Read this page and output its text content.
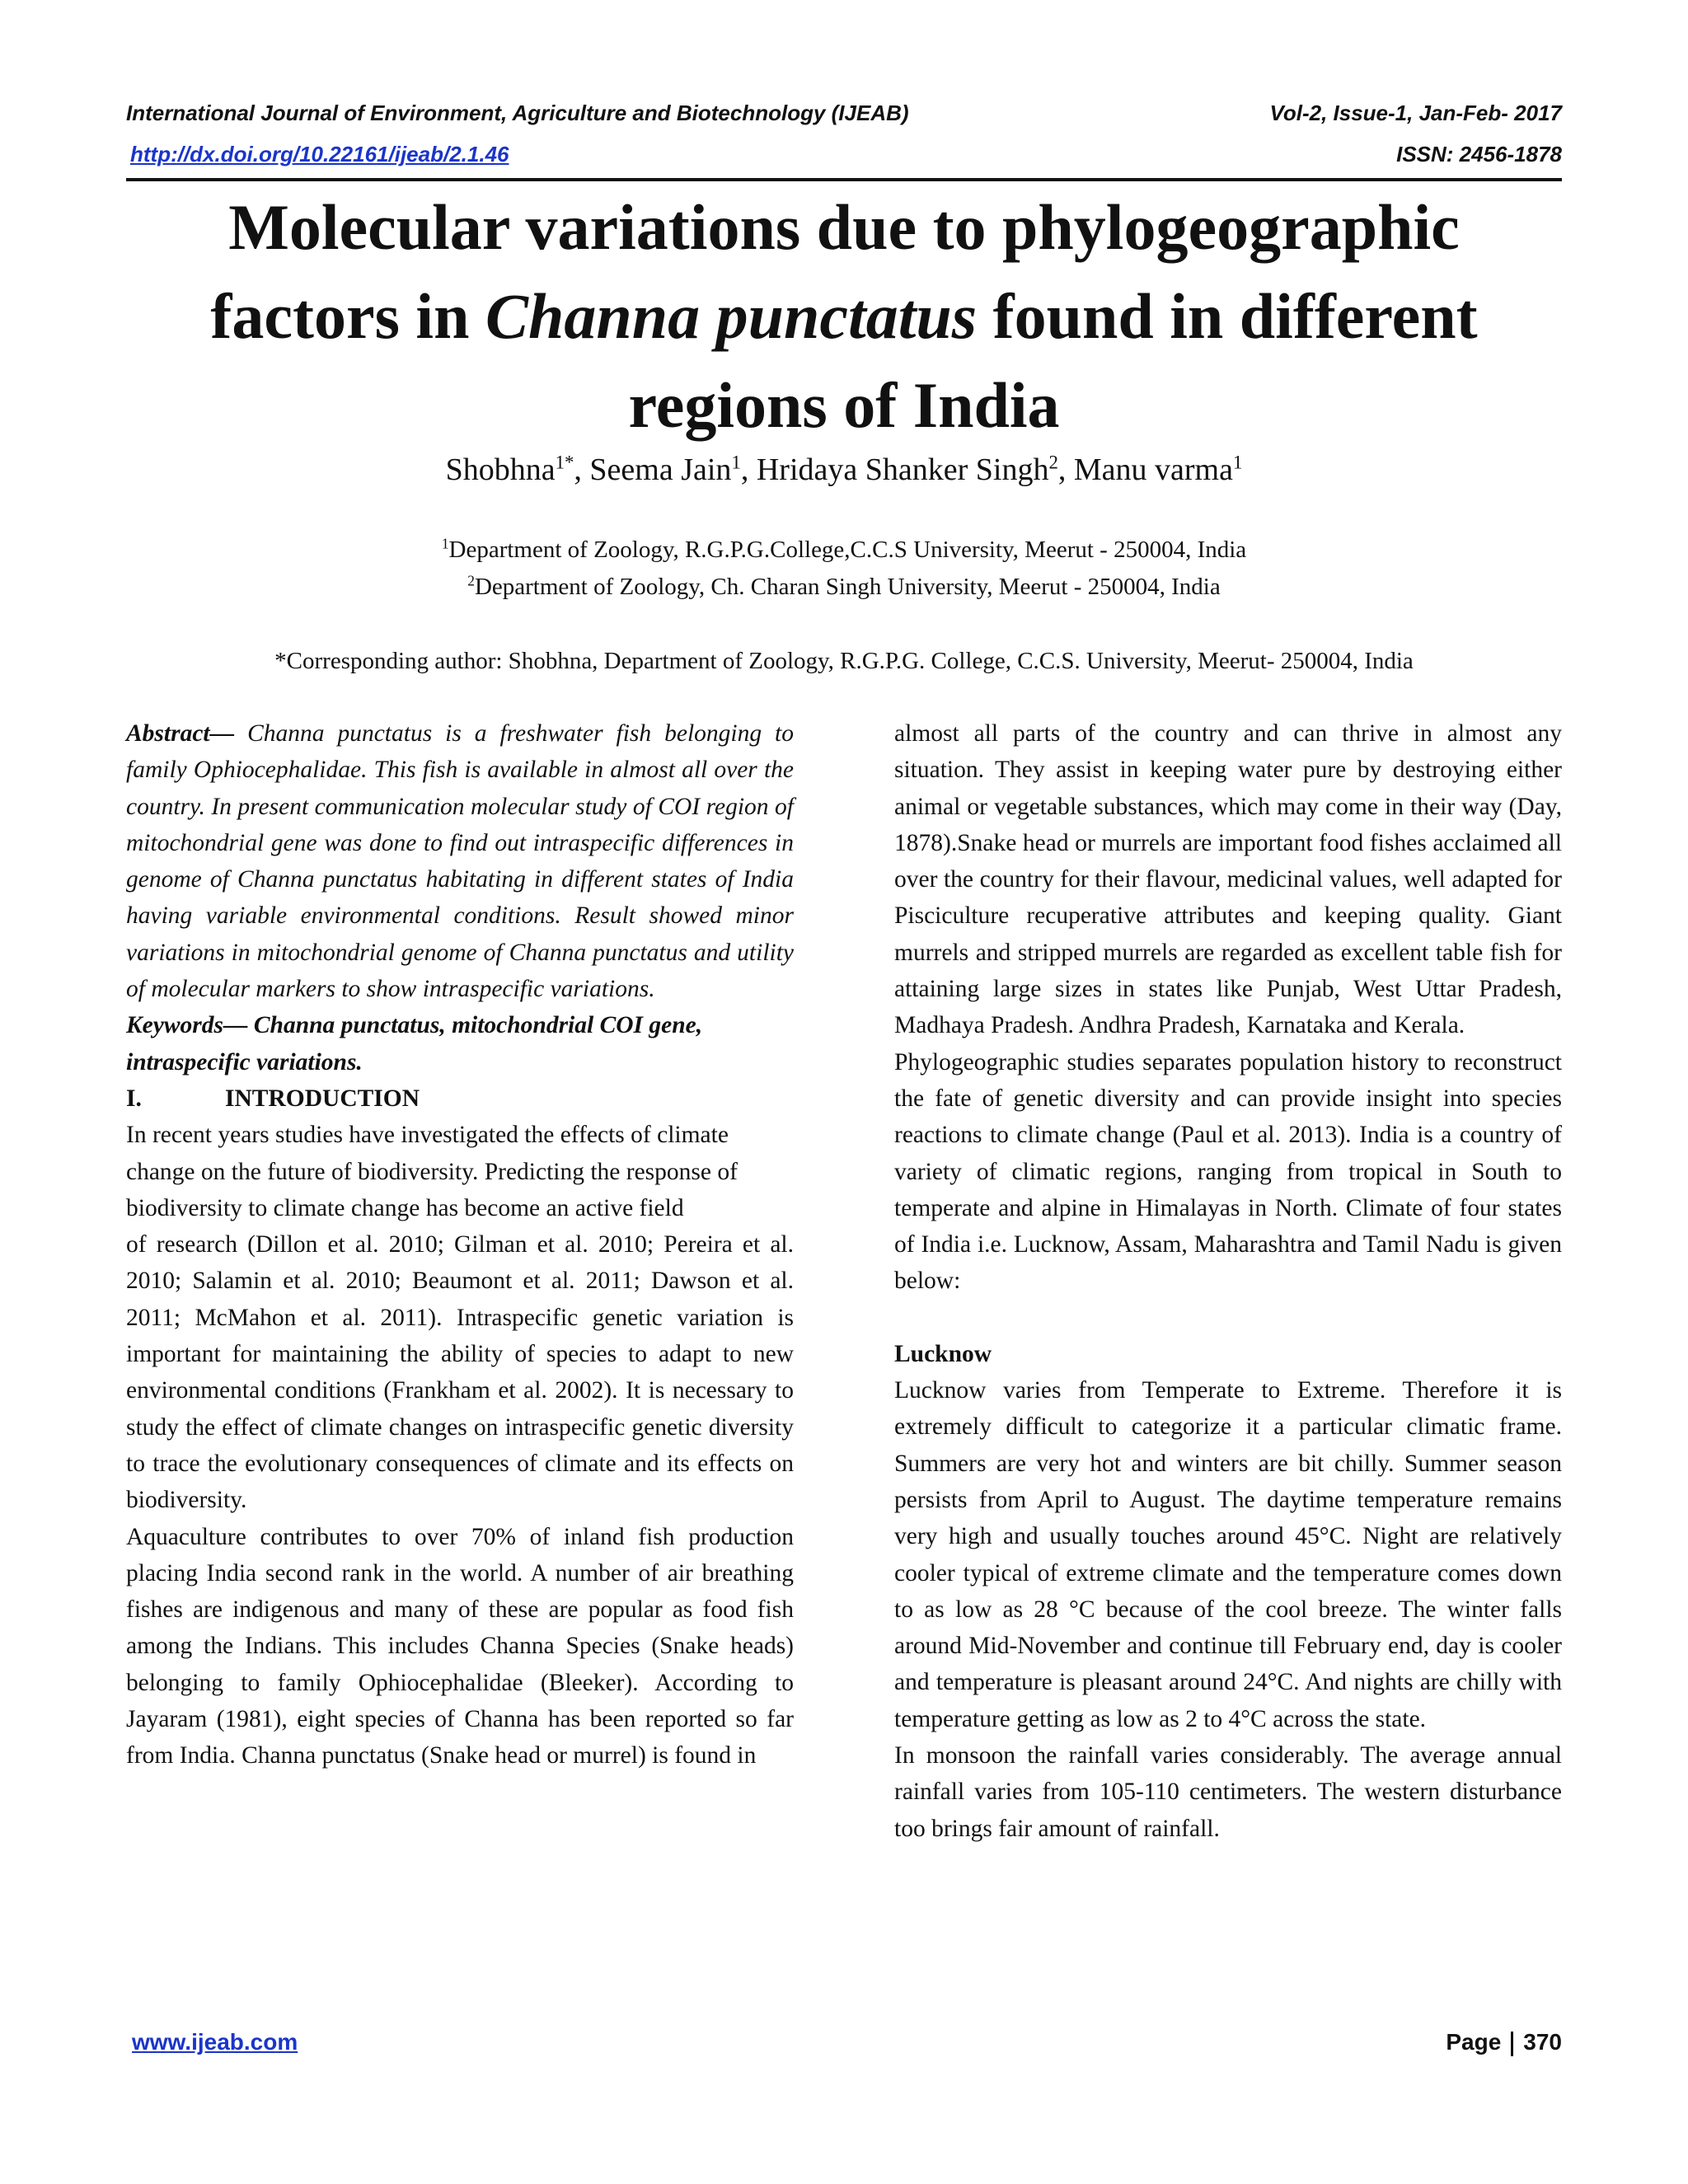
International Journal of Environment, Agriculture and Biotechnology (IJEAB)	Vol-2, Issue-1, Jan-Feb- 2017
http://dx.doi.org/10.22161/ijeab/2.1.46	ISSN: 2456-1878
Molecular variations due to phylogeographic
factors in Channa punctatus found in different
regions of India
Shobhna$^{1*}$, Seema Jain$^1$, Hridaya Shanker Singh$^2$, Manu varma$^1$
$^1$Department of Zoology, R.G.P.G.College,C.C.S University, Meerut - 250004, India
$^2$Department of Zoology, Ch. Charan Singh University, Meerut - 250004, India
*Corresponding author: Shobhna, Department of Zoology, R.G.P.G. College, C.C.S. University, Meerut- 250004, India

Abstract— Channa punctatus is a freshwater fish belonging to family Ophiocephalidae. This fish is available in almost all over the country. In present communication molecular study of COI region of mitochondrial gene was done to find out intraspecific differences in genome of Channa punctatus habitating in different states of India having variable environmental conditions. Result showed minor variations in mitochondrial genome of Channa punctatus and utility of molecular markers to show intraspecific variations.

Keywords— Channa punctatus, mitochondrial COI gene, intraspecific variations.

I.	INTRODUCTION

In recent years studies have investigated the effects of climate change on the future of biodiversity. Predicting the response of biodiversity to climate change has become an active field

of research (Dillon et al. 2010; Gilman et al. 2010; Pereira et al. 2010; Salamin et al. 2010; Beaumont et al. 2011; Dawson et al. 2011; McMahon et al. 2011). Intraspecific genetic variation is important for maintaining the ability of species to adapt to new environmental conditions (Frankham et al. 2002). It is necessary to study the effect of climate changes on intraspecific genetic diversity to trace the evolutionary consequences of climate and its effects on biodiversity.

Aquaculture contributes to over 70% of inland fish production placing India second rank in the world. A number of air breathing fishes are indigenous and many of these are popular as food fish among the Indians. This includes Channa Species (Snake heads) belonging to family Ophiocephalidae (Bleeker). According to Jayaram (1981), eight species of Channa has been reported so far from India. Channa punctatus (Snake head or murrel) is found in

almost all parts of the country and can thrive in almost any situation. They assist in keeping water pure by destroying either animal or vegetable substances, which may come in their way (Day, 1878).Snake head or murrels are important food fishes acclaimed all over the country for their flavour, medicinal values, well adapted for Pisciculture recuperative attributes and keeping quality. Giant murrels and stripped murrels are regarded as excellent table fish for attaining large sizes in states like Punjab, West Uttar Pradesh, Madhaya Pradesh. Andhra Pradesh, Karnataka and Kerala.

Phylogeographic studies separates population history to reconstruct the fate of genetic diversity and can provide insight into species reactions to climate change (Paul et al. 2013). India is a country of variety of climatic regions, ranging from tropical in South to temperate and alpine in Himalayas in North. Climate of four states of India i.e. Lucknow, Assam, Maharashtra and Tamil Nadu is given below:

Lucknow

Lucknow varies from Temperate to Extreme. Therefore it is extremely difficult to categorize it a particular climatic frame. Summers are very hot and winters are bit chilly. Summer season persists from April to August. The daytime temperature remains very high and usually touches around 45°C. Night are relatively cooler typical of extreme climate and the temperature comes down to as low as 28 °C because of the cool breeze. The winter falls around Mid-November and continue till February end, day is cooler and temperature is pleasant around 24°C. And nights are chilly with temperature getting as low as 2 to 4°C across the state.

In monsoon the rainfall varies considerably. The average annual rainfall varies from 105-110 centimeters. The western disturbance too brings fair amount of rainfall.

www.ijeab.com	Page 370
